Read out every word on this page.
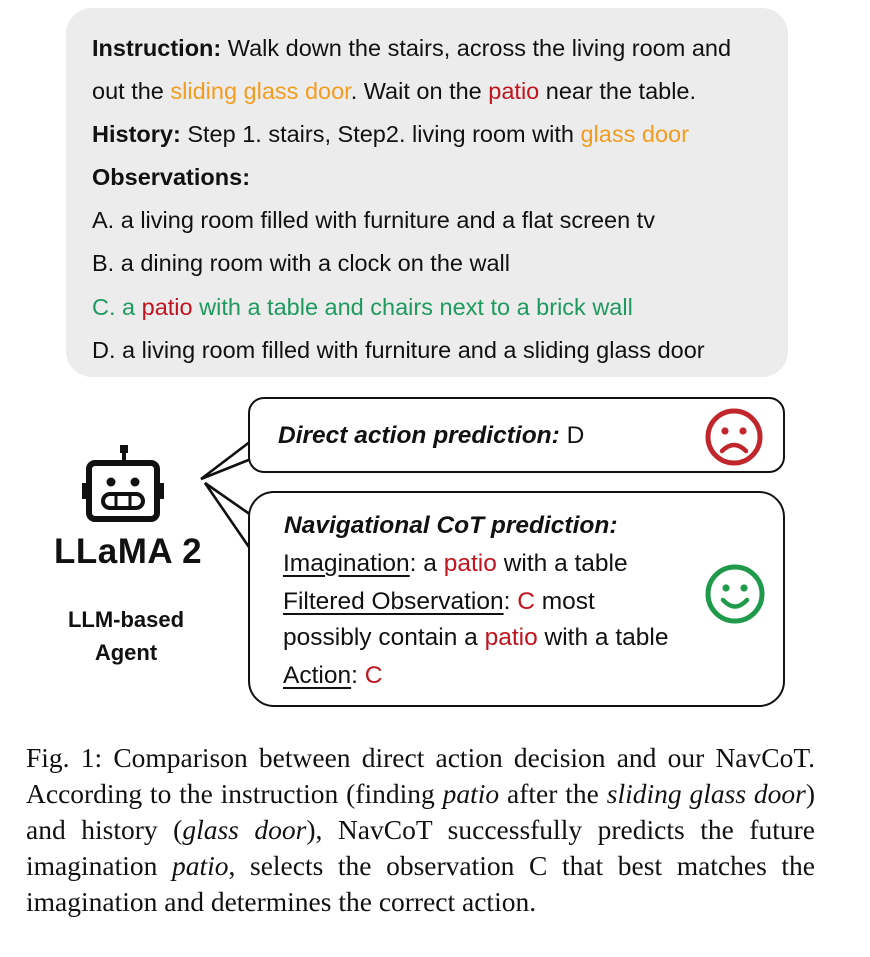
Instruction: Walk down the stairs, across the living room and
out the sliding glass door. Wait on the patio near the table.
History: Step 1. stairs, Step2. living room with glass door
Observations:
A. a living room filled with furniture and a flat screen tv
B. a dining room with a clock on the wall
C. a patio with a table and chairs next to a brick wall
D. a living room filled with furniture and a sliding glass door
Direct action prediction: D
Navigational CoT prediction:
Imagination: a patio with a table
Filtered Observation: C most
possibly contain a patio with a table
Action: C
LLaMA 2
LLM-based
Agent
Fig. 1: Comparison between direct action decision and our NavCoT. According to the instruction (finding patio after the sliding glass door) and history (glass door), NavCoT successfully predicts the future imagination patio, selects the observation C that best matches the imagination and determines the correct action.
